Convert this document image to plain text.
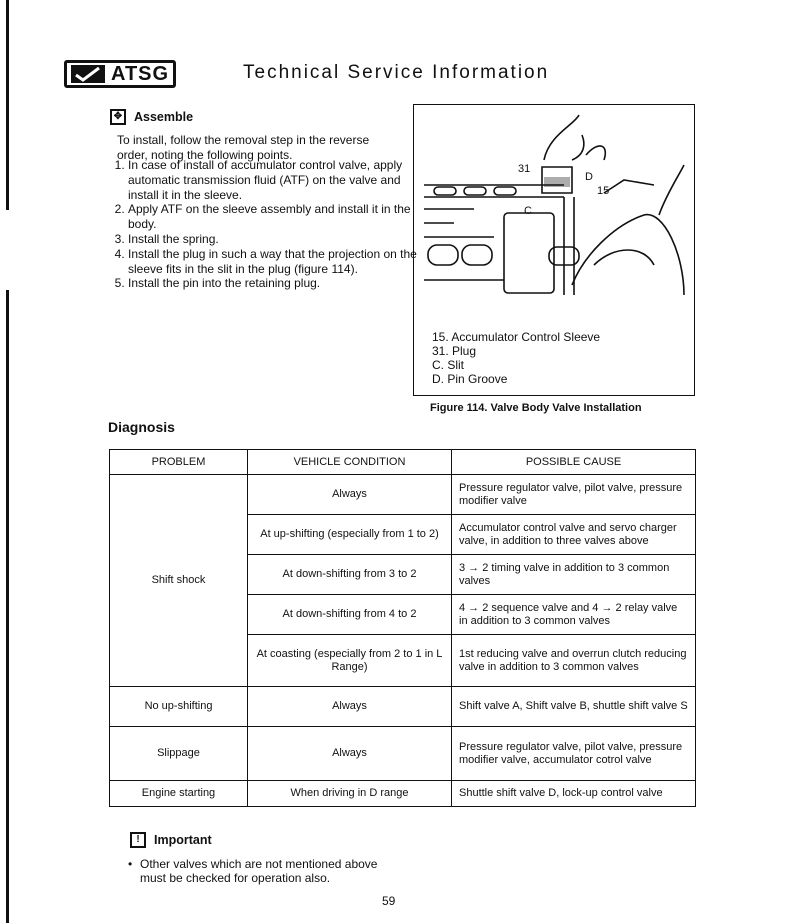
ATSG	Technical Service Information
✥ Assemble
To install, follow the removal step in the reverse order, noting the following points.
1. In case of install of accumulator control valve, apply automatic transmission fluid (ATF) on the valve and install it in the sleeve.
2. Apply ATF on the sleeve assembly and install it in the body.
3. Install the spring.
4. Install the plug in such a way that the projection on the sleeve fits in the slit in the plug (figure 114).
5. Install the pin into the retaining plug.
31
D
15
C
15. Accumulator Control Sleeve
31. Plug
C. Slit
D. Pin Groove
Figure 114. Valve Body Valve Installation
Diagnosis
PROBLEM	VEHICLE CONDITION	POSSIBLE CAUSE
Shift shock	Always	Pressure regulator valve, pilot valve, pressure modifier valve
	At up-shifting (especially from 1 to 2)	Accumulator control valve and servo charger valve, in addition to three valves above
	At down-shifting from 3 to 2	3 → 2 timing valve in addition to 3 common valves
	At down-shifting from 4 to 2	4 → 2 sequence valve and 4 → 2 relay valve in addition to 3 common valves
	At coasting (especially from 2 to 1 in L Range)	1st reducing valve and overrun clutch reducing valve in addition to 3 common valves
No up-shifting	Always	Shift valve A, Shift valve B, shuttle shift valve S
Slippage	Always	Pressure regulator valve, pilot valve, pressure modifier valve, accumulator cotrol valve
Engine starting	When driving in D range	Shuttle shift valve D, lock-up control valve
!	Important
• Other valves which are not mentioned above must be checked for operation also.
59
